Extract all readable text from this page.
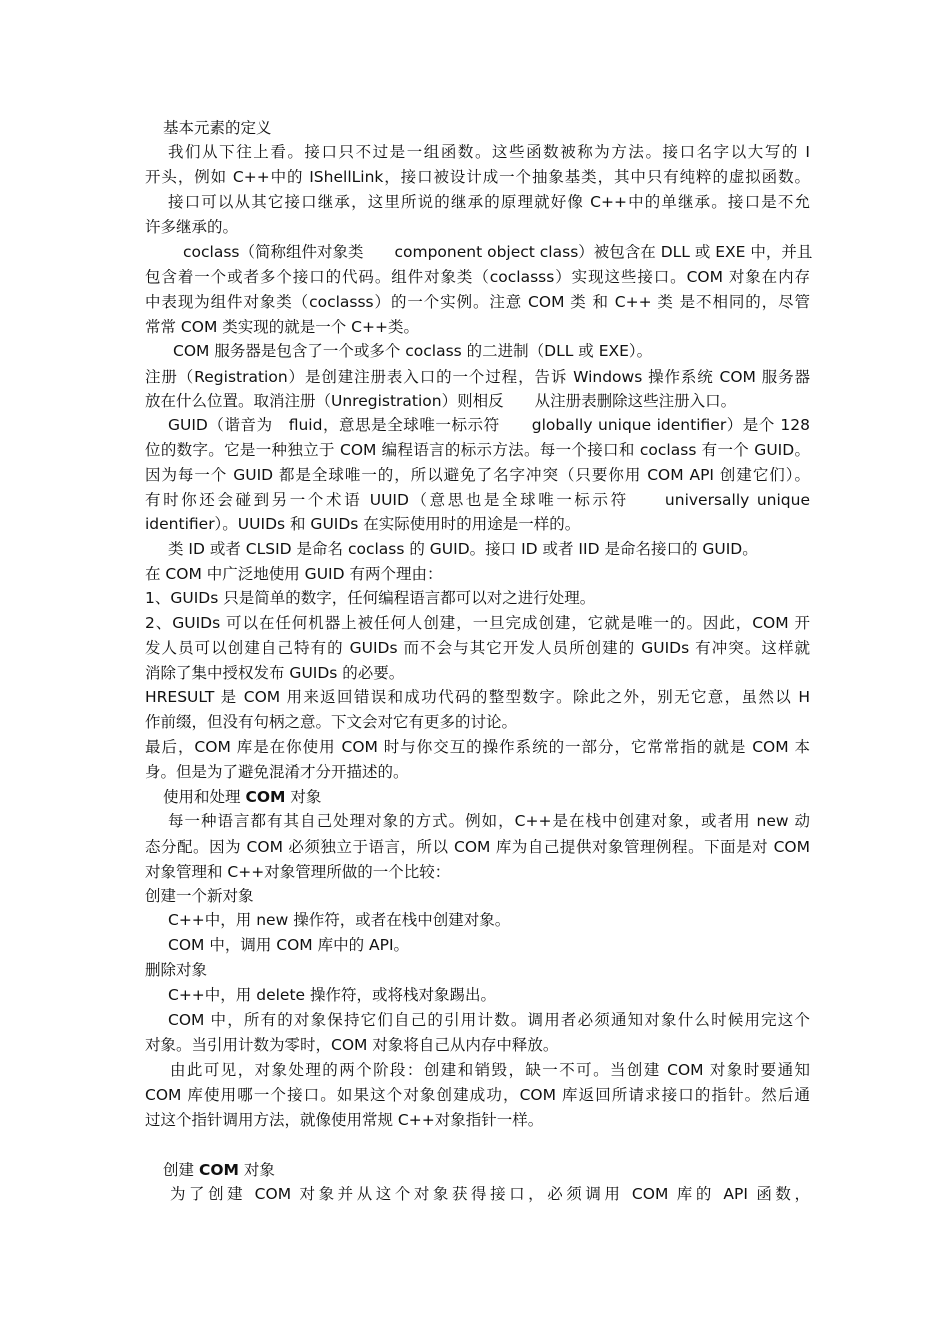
基本元素的定义
我们从下往上看。接口只不过是一组函数。这些函数被称为方法。接口名字以大写的 I
开头，例如 C++中的 IShellLink，接口被设计成一个抽象基类，其中只有纯粹的虚拟函数。
接口可以从其它接口继承，这里所说的继承的原理就好像 C++中的单继承。接口是不允
许多继承的。
coclass（简称组件对象类　　component object class）被包含在 DLL 或 EXE 中，并且
包含着一个或者多个接口的代码。组件对象类（coclasss）实现这些接口。COM 对象在内存
中表现为组件对象类（coclasss）的一个实例。注意 COM 类 和 C++ 类 是不相同的，尽管
常常 COM 类实现的就是一个 C++类。
COM 服务器是包含了一个或多个 coclass 的二进制（DLL 或 EXE）。
注册（Registration）是创建注册表入口的一个过程，告诉 Windows 操作系统 COM 服务器
放在什么位置。取消注册（Unregistration）则相反　　从注册表删除这些注册入口。
GUID（谐音为　fluid，意思是全球唯一标示符　　globally unique identifier）是个 128
位的数字。它是一种独立于 COM 编程语言的标示方法。每一个接口和 coclass 有一个 GUID。
因为每一个 GUID 都是全球唯一的，所以避免了名字冲突（只要你用 COM API 创建它们）。
有时你还会碰到另一个术语 UUID（意思也是全球唯一标示符　　universally unique
identifier）。UUIDs 和 GUIDs 在实际使用时的用途是一样的。
类 ID 或者 CLSID 是命名 coclass 的 GUID。接口 ID 或者 IID 是命名接口的 GUID。
在 COM 中广泛地使用 GUID 有两个理由：
1、GUIDs 只是简单的数字，任何编程语言都可以对之进行处理。
2、GUIDs 可以在任何机器上被任何人创建，一旦完成创建，它就是唯一的。因此，COM 开
发人员可以创建自己特有的 GUIDs 而不会与其它开发人员所创建的 GUIDs 有冲突。这样就
消除了集中授权发布 GUIDs 的必要。
HRESULT 是 COM 用来返回错误和成功代码的整型数字。除此之外，别无它意，虽然以 H
作前缀，但没有句柄之意。下文会对它有更多的讨论。
最后，COM 库是在你使用 COM 时与你交互的操作系统的一部分，它常常指的就是 COM 本
身。但是为了避免混淆才分开描述的。
使用和处理 COM 对象
每一种语言都有其自己处理对象的方式。例如，C++是在栈中创建对象，或者用 new 动
态分配。因为 COM 必须独立于语言，所以 COM 库为自己提供对象管理例程。下面是对 COM
对象管理和 C++对象管理所做的一个比较：
创建一个新对象
C++中，用 new 操作符，或者在栈中创建对象。
COM 中，调用 COM 库中的 API。
删除对象
C++中，用 delete 操作符，或将栈对象踢出。
COM 中，所有的对象保持它们自己的引用计数。调用者必须通知对象什么时候用完这个
对象。当引用计数为零时，COM 对象将自己从内存中释放。
由此可见，对象处理的两个阶段：创建和销毁，缺一不可。当创建 COM 对象时要通知
COM 库使用哪一个接口。如果这个对象创建成功，COM 库返回所请求接口的指针。然后通
过这个指针调用方法，就像使用常规 C++对象指针一样。
创建 COM 对象
为了创建 COM 对象并从这个对象获得接口，必须调用 COM 库的 API 函数，
